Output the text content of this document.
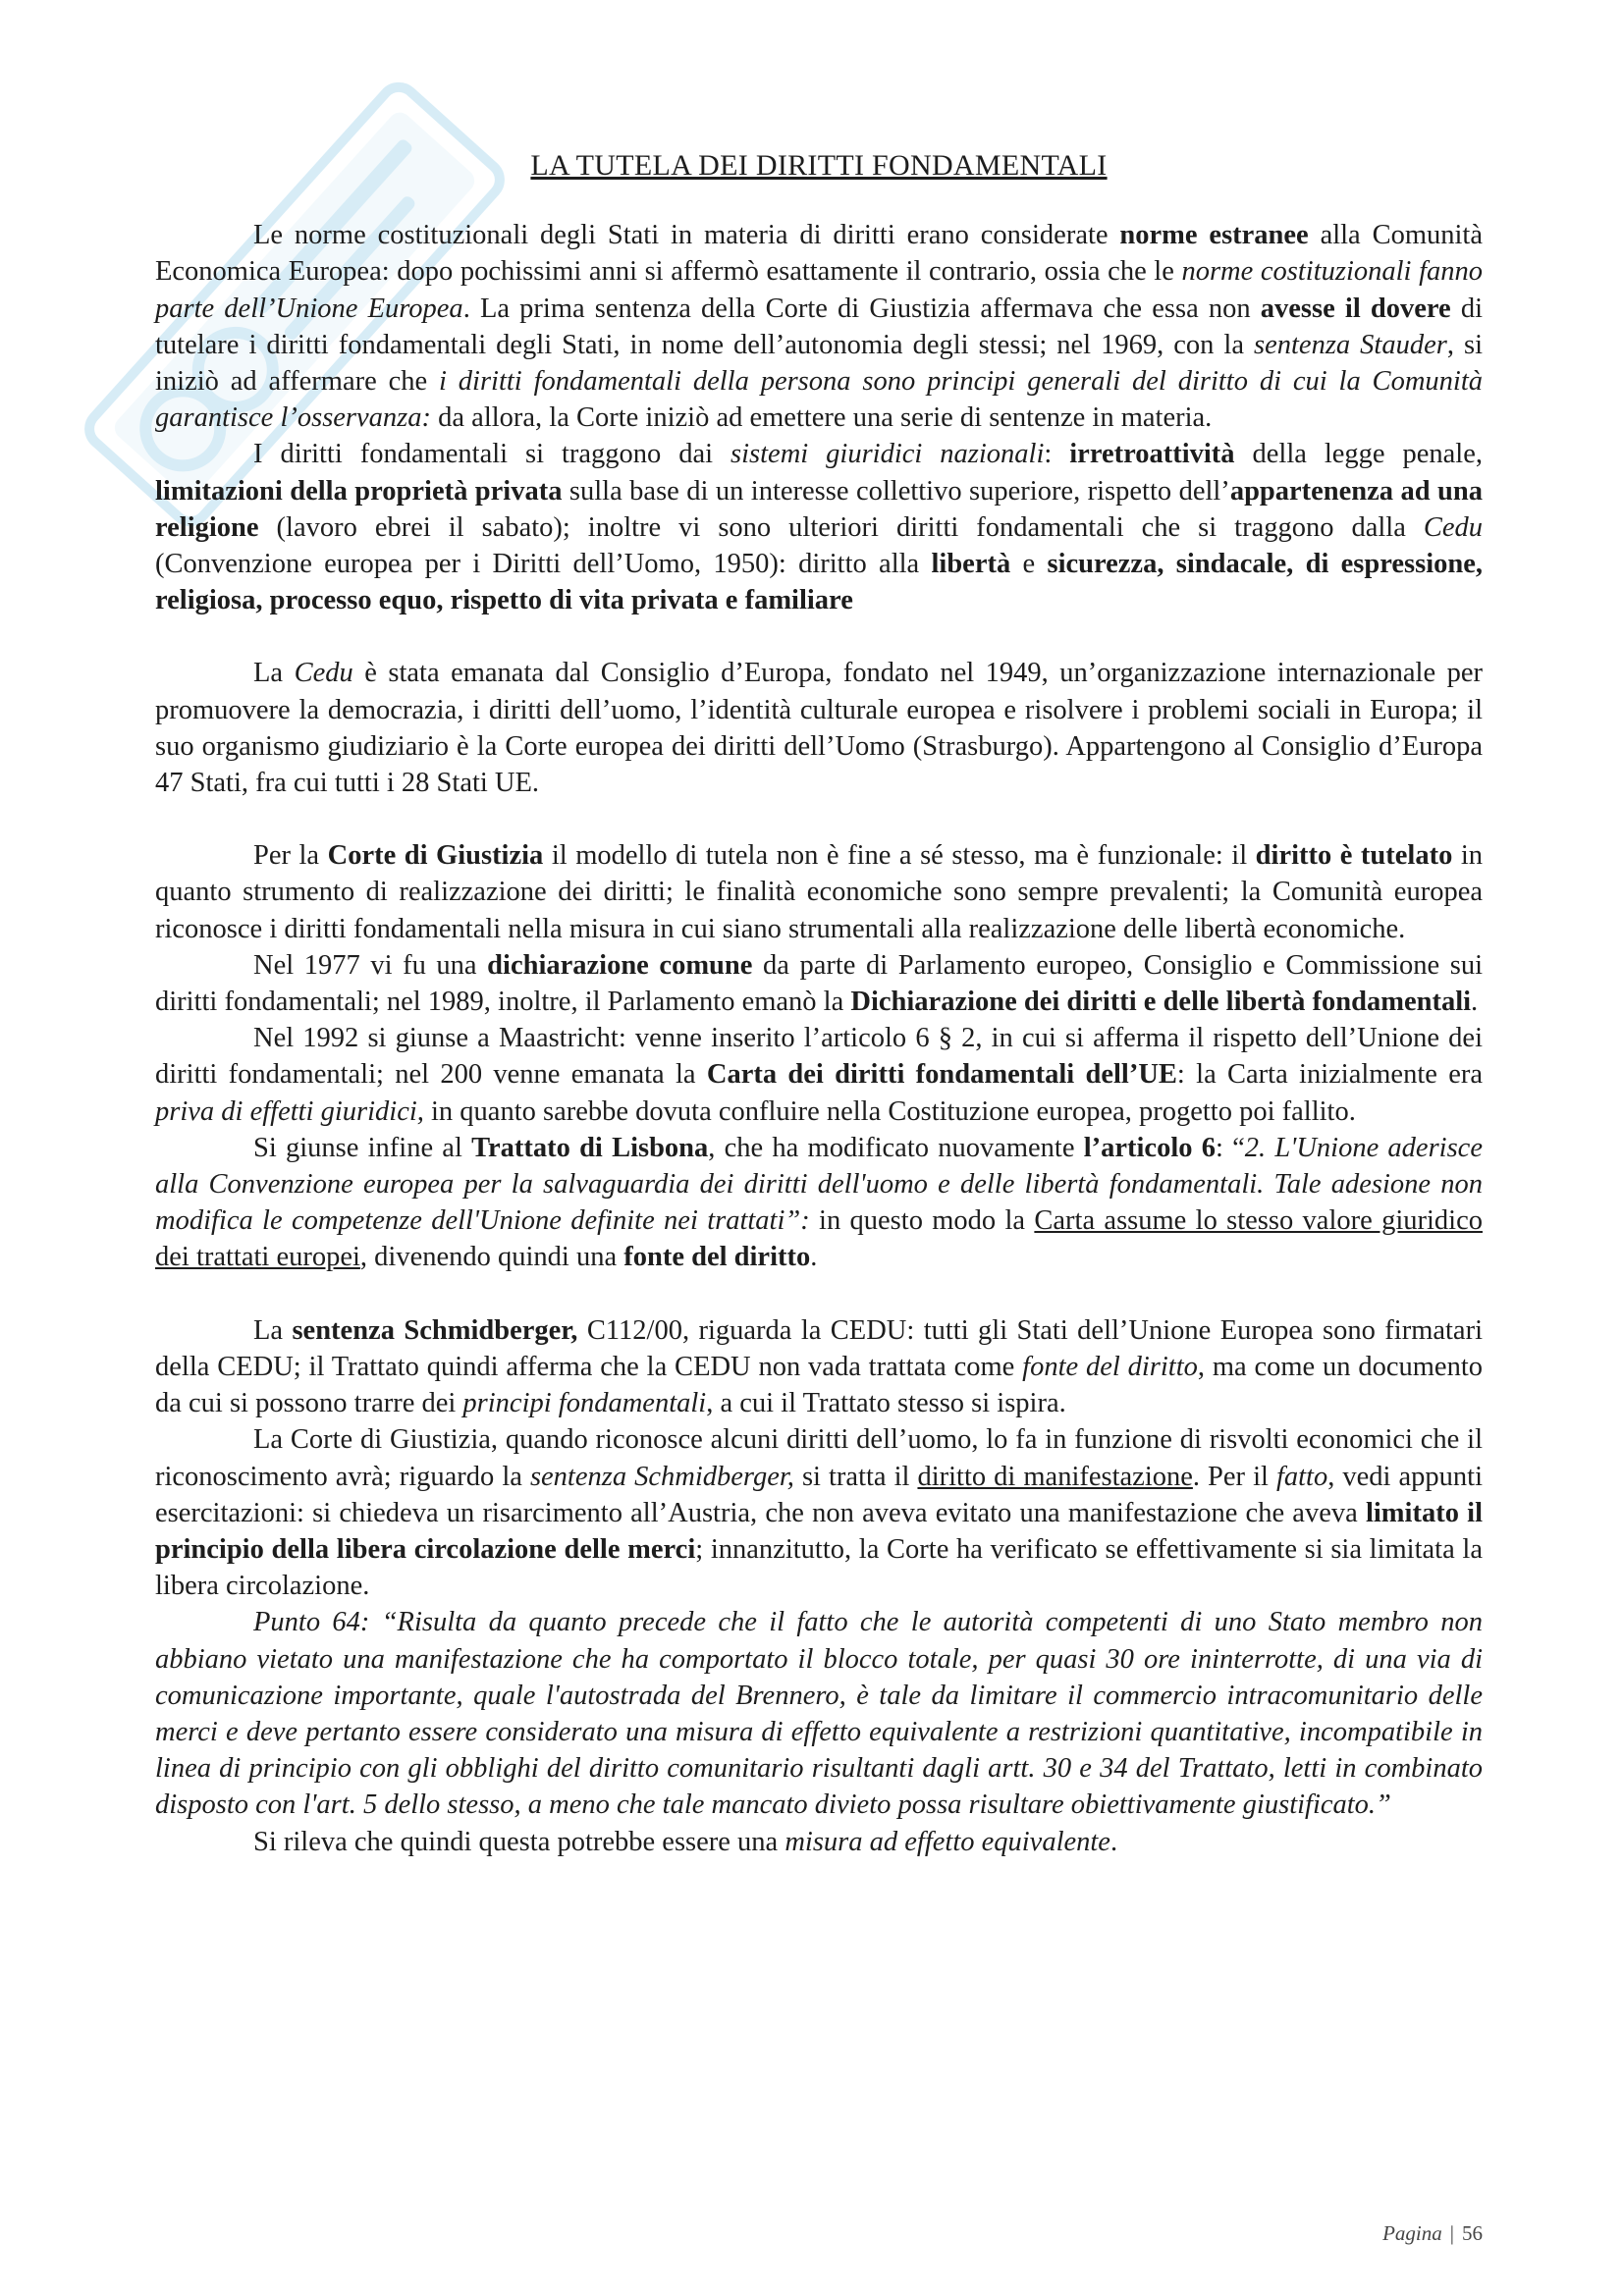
LA TUTELA DEI DIRITTI FONDAMENTALI

Le norme costituzionali degli Stati in materia di diritti erano considerate norme estranee alla Comunità Economica Europea: dopo pochissimi anni si affermò esattamente il contrario, ossia che le norme costituzionali fanno parte dell’Unione Europea. La prima sentenza della Corte di Giustizia affermava che essa non avesse il dovere di tutelare i diritti fondamentali degli Stati, in nome dell’autonomia degli stessi; nel 1969, con la sentenza Stauder, si iniziò ad affermare che i diritti fondamentali della persona sono principi generali del diritto di cui la Comunità garantisce l’osservanza: da allora, la Corte iniziò ad emettere una serie di sentenze in materia.

I diritti fondamentali si traggono dai sistemi giuridici nazionali: irretroattività della legge penale, limitazioni della proprietà privata sulla base di un interesse collettivo superiore, rispetto dell’appartenenza ad una religione (lavoro ebrei il sabato); inoltre vi sono ulteriori diritti fondamentali che si traggono dalla Cedu (Convenzione europea per i Diritti dell’Uomo, 1950): diritto alla libertà e sicurezza, sindacale, di espressione, religiosa, processo equo, rispetto di vita privata e familiare

La Cedu è stata emanata dal Consiglio d’Europa, fondato nel 1949, un’organizzazione internazionale per promuovere la democrazia, i diritti dell’uomo, l’identità culturale europea e risolvere i problemi sociali in Europa; il suo organismo giudiziario è la Corte europea dei diritti dell’Uomo (Strasburgo). Appartengono al Consiglio d’Europa 47 Stati, fra cui tutti i 28 Stati UE.

Per la Corte di Giustizia il modello di tutela non è fine a sé stesso, ma è funzionale: il diritto è tutelato in quanto strumento di realizzazione dei diritti; le finalità economiche sono sempre prevalenti; la Comunità europea riconosce i diritti fondamentali nella misura in cui siano strumentali alla realizzazione delle libertà economiche.

Nel 1977 vi fu una dichiarazione comune da parte di Parlamento europeo, Consiglio e Commissione sui diritti fondamentali; nel 1989, inoltre, il Parlamento emanò la Dichiarazione dei diritti e delle libertà fondamentali.

Nel 1992 si giunse a Maastricht: venne inserito l’articolo 6 § 2, in cui si afferma il rispetto dell’Unione dei diritti fondamentali; nel 200 venne emanata la Carta dei diritti fondamentali dell’UE: la Carta inizialmente era priva di effetti giuridici, in quanto sarebbe dovuta confluire nella Costituzione europea, progetto poi fallito.

Si giunse infine al Trattato di Lisbona, che ha modificato nuovamente l’articolo 6: “2. L'Unione aderisce alla Convenzione europea per la salvaguardia dei diritti dell'uomo e delle libertà fondamentali. Tale adesione non modifica le competenze dell'Unione definite nei trattati”: in questo modo la Carta assume lo stesso valore giuridico dei trattati europei, divenendo quindi una fonte del diritto.

La sentenza Schmidberger, C112/00, riguarda la CEDU: tutti gli Stati dell’Unione Europea sono firmatari della CEDU; il Trattato quindi afferma che la CEDU non vada trattata come fonte del diritto, ma come un documento da cui si possono trarre dei principi fondamentali, a cui il Trattato stesso si ispira.

La Corte di Giustizia, quando riconosce alcuni diritti dell’uomo, lo fa in funzione di risvolti economici che il riconoscimento avrà; riguardo la sentenza Schmidberger, si tratta il diritto di manifestazione. Per il fatto, vedi appunti esercitazioni: si chiedeva un risarcimento all’Austria, che non aveva evitato una manifestazione che aveva limitato il principio della libera circolazione delle merci; innanzitutto, la Corte ha verificato se effettivamente si sia limitata la libera circolazione.

Punto 64: “Risulta da quanto precede che il fatto che le autorità competenti di uno Stato membro non abbiano vietato una manifestazione che ha comportato il blocco totale, per quasi 30 ore ininterrotte, di una via di comunicazione importante, quale l'autostrada del Brennero, è tale da limitare il commercio intracomunitario delle merci e deve pertanto essere considerato una misura di effetto equivalente a restrizioni quantitative, incompatibile in linea di principio con gli obblighi del diritto comunitario risultanti dagli artt. 30 e 34 del Trattato, letti in combinato disposto con l'art. 5 dello stesso, a meno che tale mancato divieto possa risultare obiettivamente giustificato.”

Si rileva che quindi questa potrebbe essere una misura ad effetto equivalente.

Pagina | 56
